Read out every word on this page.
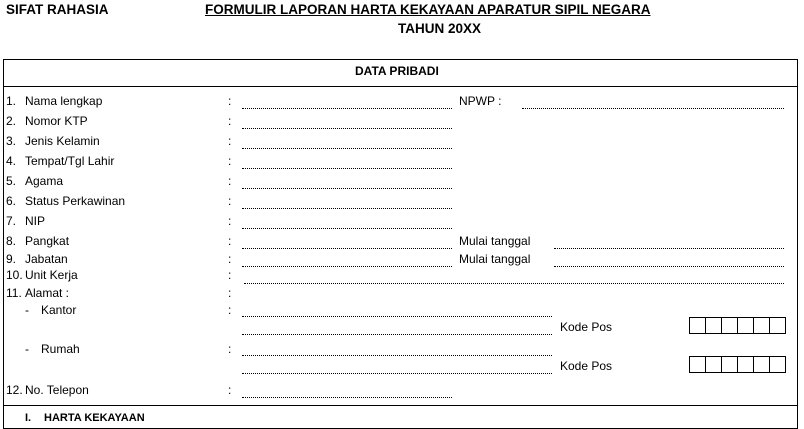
SIFAT RAHASIA	FORMULIR LAPORAN HARTA KEKAYAAN APARATUR SIPIL NEGARA
TAHUN 20XX
DATA PRIBADI
1. Nama lengkap	:	NPWP :
2. Nomor KTP	:
3. Jenis Kelamin	:
4. Tempat/Tgl Lahir	:
5. Agama	:
6. Status Perkawinan	:
7. NIP	:
8. Pangkat	:	Mulai tanggal
9. Jabatan	:	Mulai tanggal
10. Unit Kerja	:
11. Alamat :	:
- Kantor	:
Kode Pos
- Rumah	:
Kode Pos
12. No. Telepon	:
I. HARTA KEKAYAAN
